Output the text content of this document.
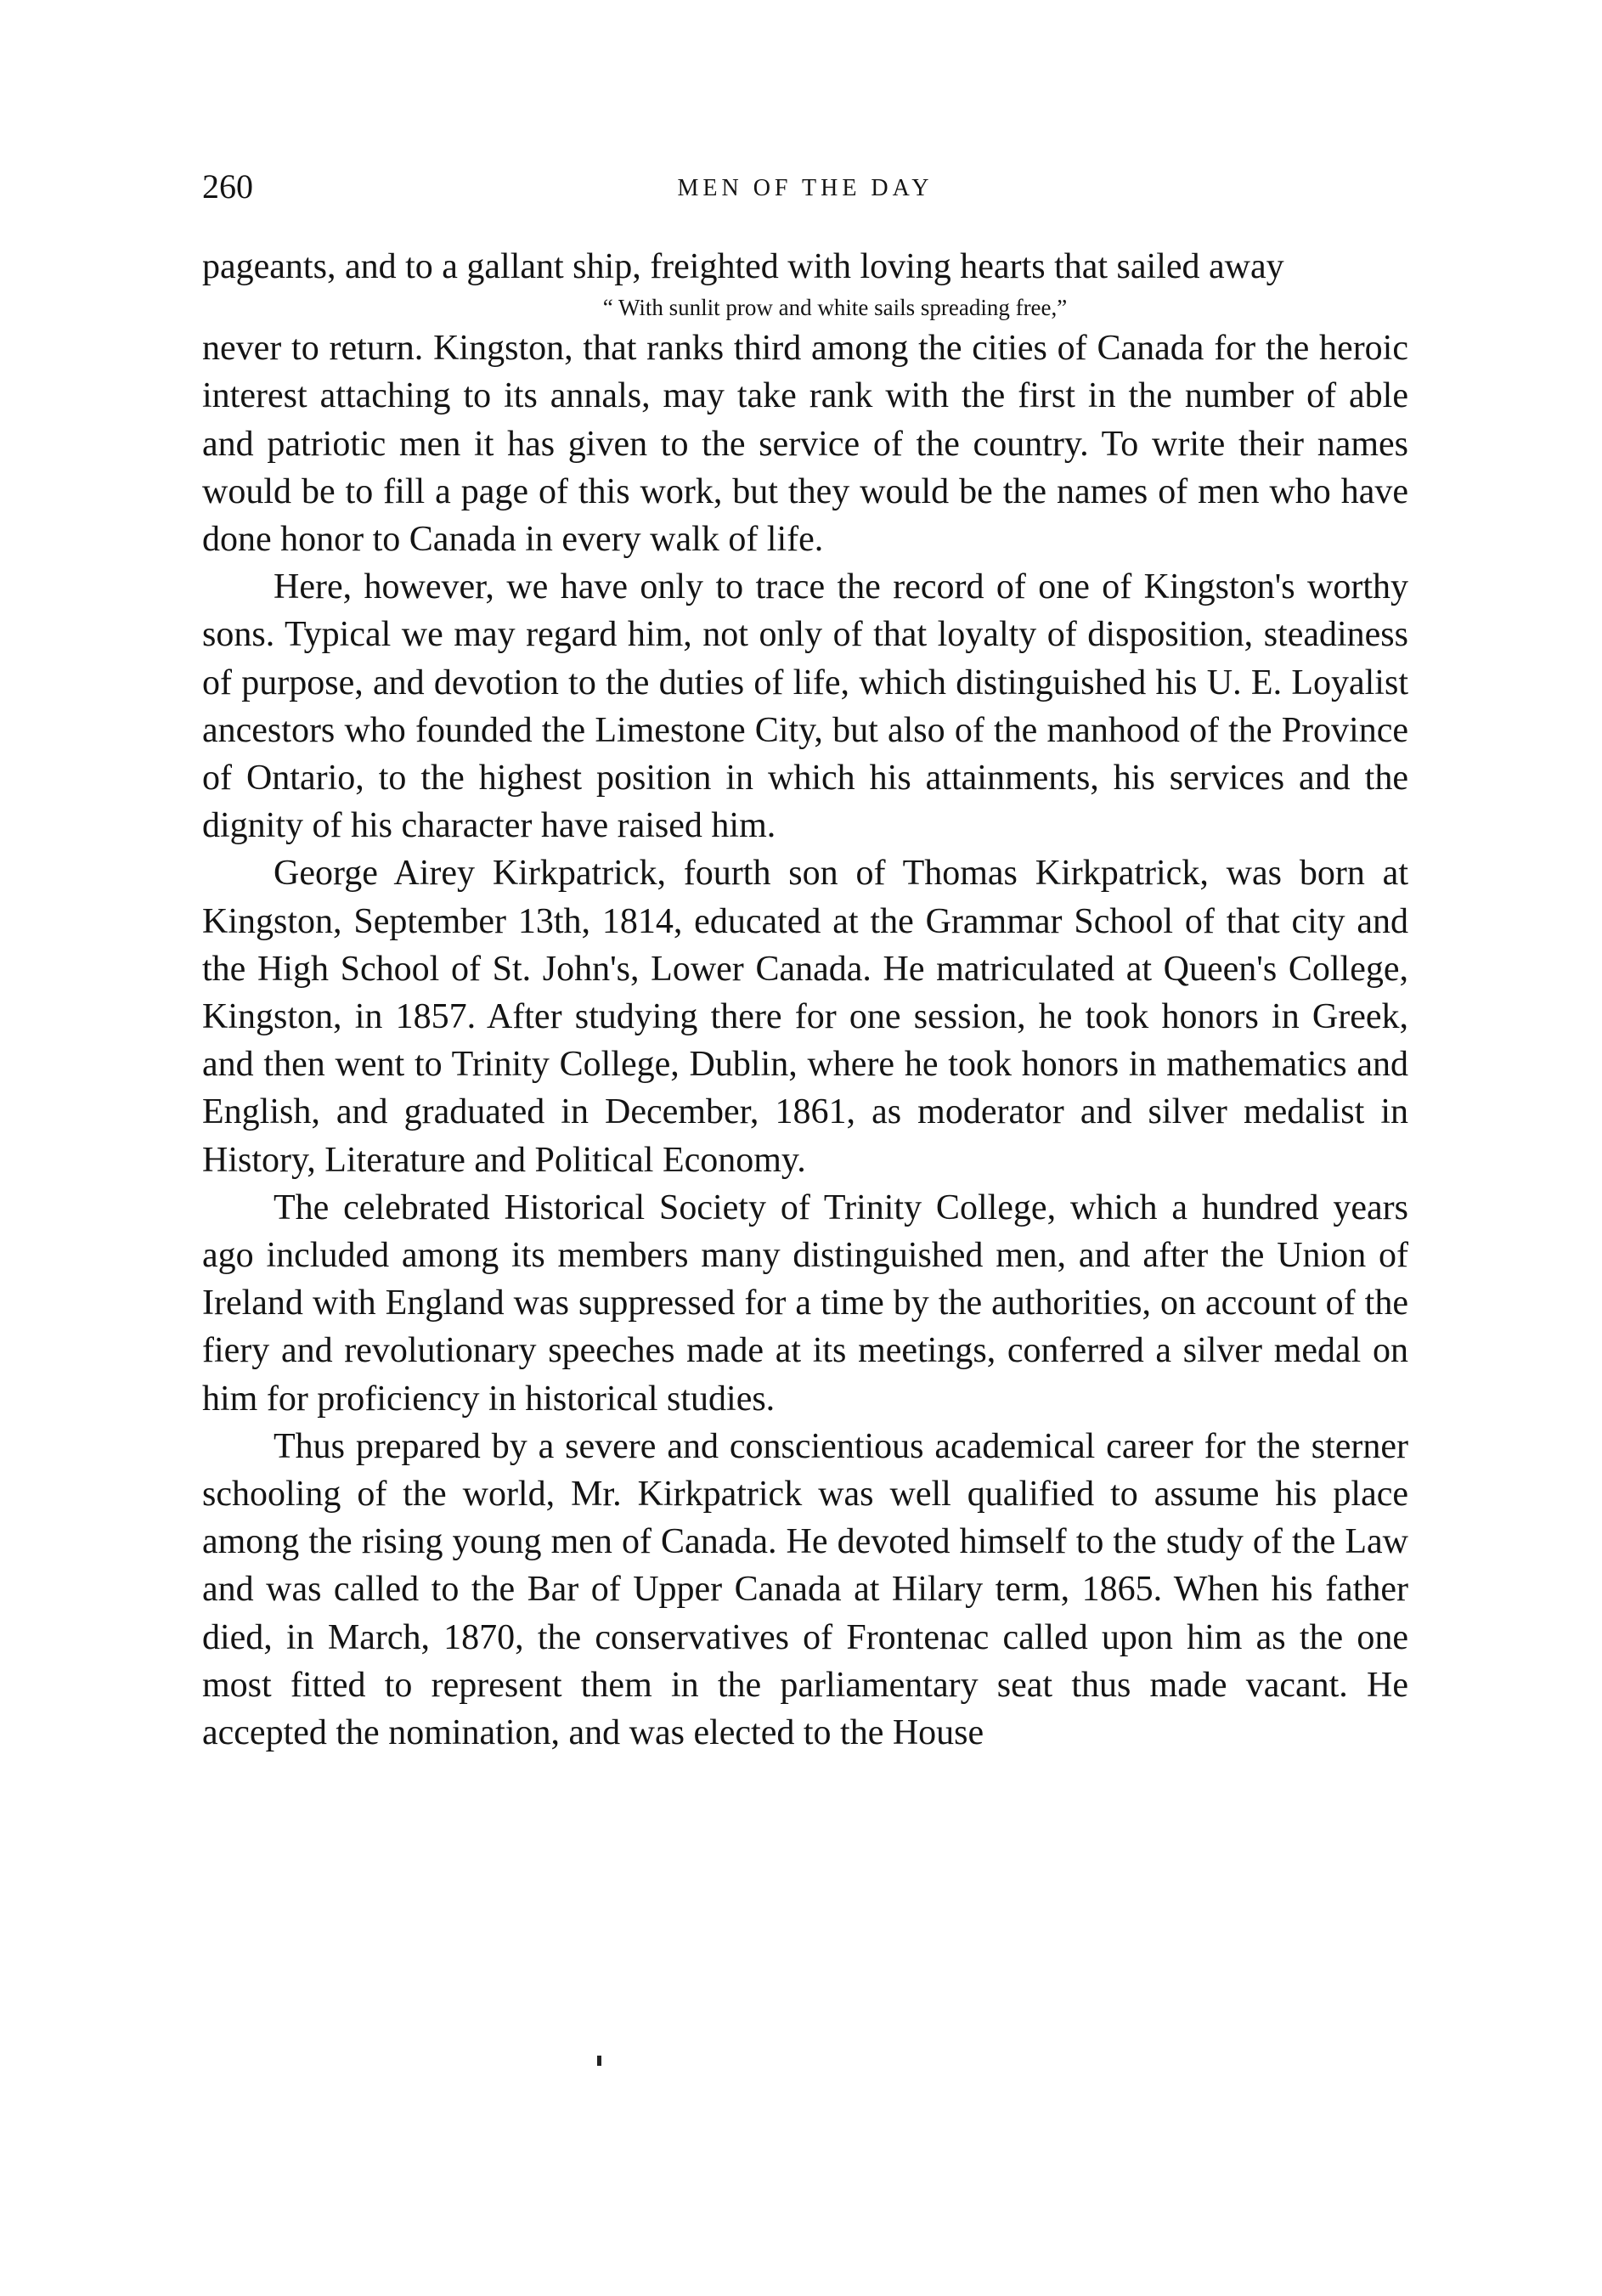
260	MEN OF THE DAY

pageants, and to a gallant ship, freighted with loving hearts that sailed away

“ With sunlit prow and white sails spreading free,”

never to return. Kingston, that ranks third among the cities of Canada for the heroic interest attaching to its annals, may take rank with the first in the number of able and patriotic men it has given to the service of the country. To write their names would be to fill a page of this work, but they would be the names of men who have done honor to Canada in every walk of life.

Here, however, we have only to trace the record of one of Kingston's worthy sons. Typical we may regard him, not only of that loyalty of disposition, steadiness of purpose, and devotion to the duties of life, which distinguished his U. E. Loyalist ancestors who founded the Limestone City, but also of the manhood of the Province of Ontario, to the highest position in which his attainments, his services and the dignity of his character have raised him.

George Airey Kirkpatrick, fourth son of Thomas Kirkpatrick, was born at Kingston, September 13th, 1814, educated at the Grammar School of that city and the High School of St. John's, Lower Canada. He matriculated at Queen's College, Kingston, in 1857. After studying there for one session, he took honors in Greek, and then went to Trinity College, Dublin, where he took honors in mathematics and English, and graduated in December, 1861, as moderator and silver medalist in History, Literature and Political Economy.

The celebrated Historical Society of Trinity College, which a hundred years ago included among its members many distinguished men, and after the Union of Ireland with England was suppressed for a time by the authorities, on account of the fiery and revolutionary speeches made at its meetings, conferred a silver medal on him for proficiency in historical studies.

Thus prepared by a severe and conscientious academical career for the sterner schooling of the world, Mr. Kirkpatrick was well qualified to assume his place among the rising young men of Canada. He devoted himself to the study of the Law and was called to the Bar of Upper Canada at Hilary term, 1865. When his father died, in March, 1870, the conservatives of Frontenac called upon him as the one most fitted to represent them in the parliamentary seat thus made vacant. He accepted the nomination, and was elected to the House
